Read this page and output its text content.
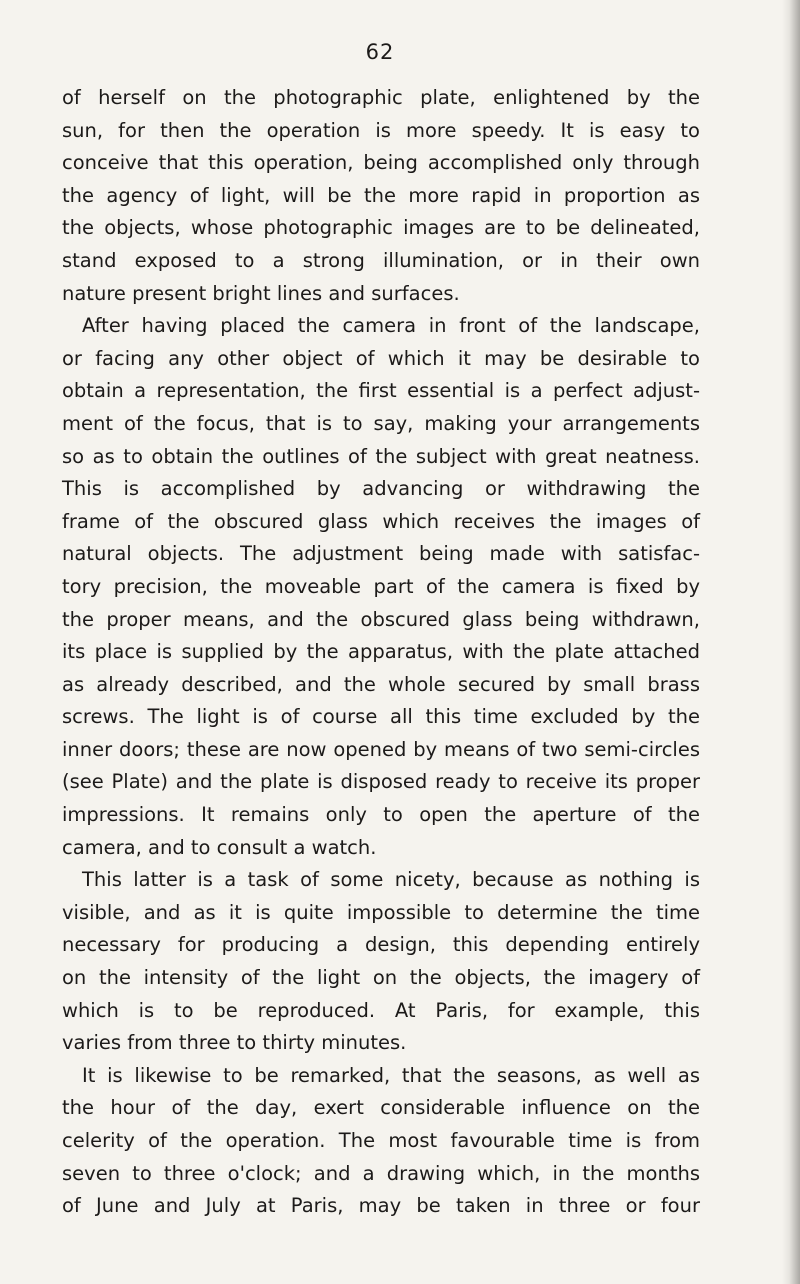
62
of herself on the photographic plate, enlightened by the
sun, for then the operation is more speedy. It is easy to
conceive that this operation, being accomplished only through
the agency of light, will be the more rapid in proportion as
the objects, whose photographic images are to be delineated,
stand exposed to a strong illumination, or in their own
nature present bright lines and surfaces.
After having placed the camera in front of the landscape,
or facing any other object of which it may be desirable to
obtain a representation, the first essential is a perfect adjust-
ment of the focus, that is to say, making your arrangements
so as to obtain the outlines of the subject with great neatness.
This is accomplished by advancing or withdrawing the
frame of the obscured glass which receives the images of
natural objects. The adjustment being made with satisfac-
tory precision, the moveable part of the camera is fixed by
the proper means, and the obscured glass being withdrawn,
its place is supplied by the apparatus, with the plate attached
as already described, and the whole secured by small brass
screws. The light is of course all this time excluded by the
inner doors; these are now opened by means of two semi-circles
(see Plate) and the plate is disposed ready to receive its proper
impressions. It remains only to open the aperture of the
camera, and to consult a watch.
This latter is a task of some nicety, because as nothing is
visible, and as it is quite impossible to determine the time
necessary for producing a design, this depending entirely
on the intensity of the light on the objects, the imagery of
which is to be reproduced. At Paris, for example, this
varies from three to thirty minutes.
It is likewise to be remarked, that the seasons, as well as
the hour of the day, exert considerable influence on the
celerity of the operation. The most favourable time is from
seven to three o'clock; and a drawing which, in the months
of June and July at Paris, may be taken in three or four
